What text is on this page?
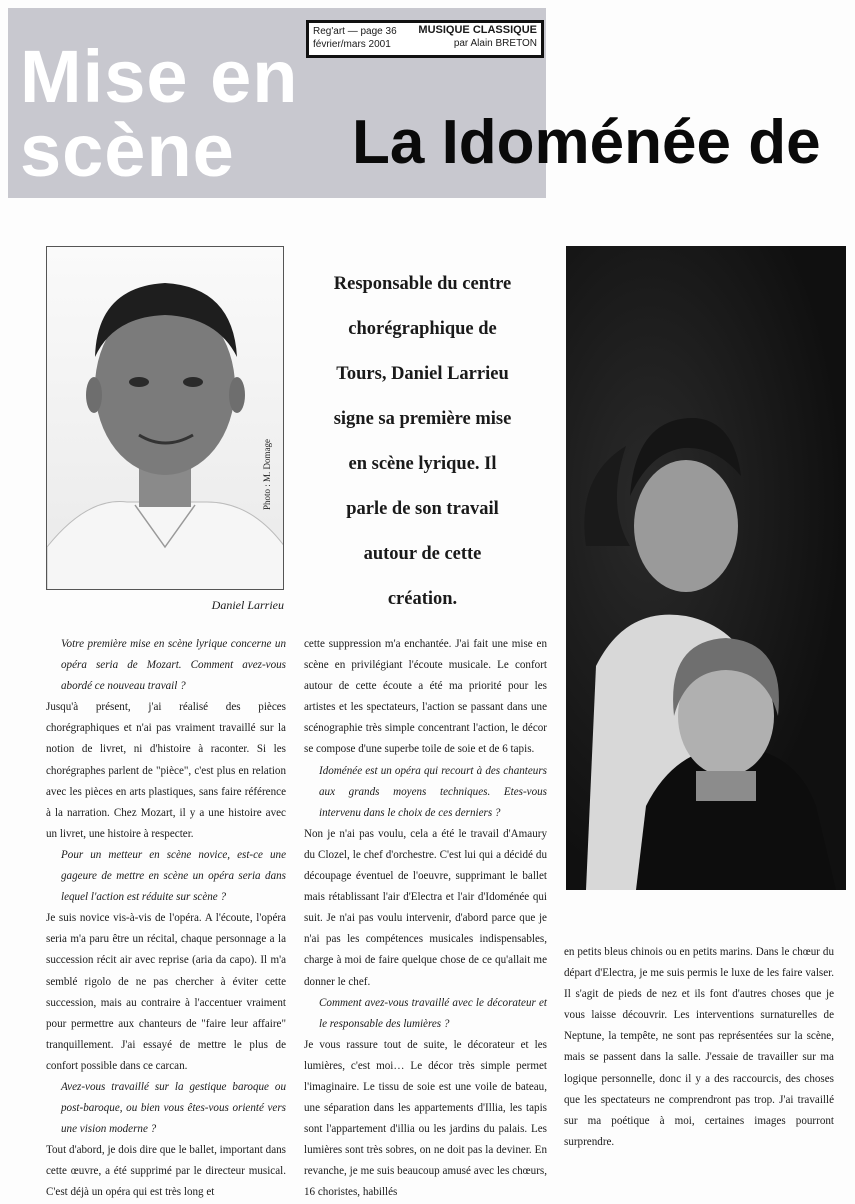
Mise en
scène
Reg'art — page 36
février/mars 2001
MUSIQUE CLASSIQUE
par Alain BRETON
La Idoménée de
Photo : M. Domage
Daniel Larrieu
Responsable du centre
chorégraphique de
Tours, Daniel Larrieu
signe sa première mise
en scène lyrique. Il
parle de son travail
autour de cette
création.

Votre première mise en scène lyrique concerne un opéra seria de Mozart. Comment avez-vous abordé ce nouveau travail ?

Jusqu'à présent, j'ai réalisé des pièces chorégraphiques et n'ai pas vraiment travaillé sur la notion de livret, ni d'histoire à raconter. Si les chorégraphes parlent de "pièce", c'est plus en relation avec les pièces en arts plastiques, sans faire référence à la narration. Chez Mozart, il y a une histoire avec un livret, une histoire à respecter.

Pour un metteur en scène novice, est-ce une gageure de mettre en scène un opéra seria dans lequel l'action est réduite sur scène ?

Je suis novice vis-à-vis de l'opéra. A l'écoute, l'opéra seria m'a paru être un récital, chaque personnage a la succession récit air avec reprise (aria da capo). Il m'a semblé rigolo de ne pas chercher à éviter cette succession, mais au contraire à l'accentuer vraiment pour permettre aux chanteurs de "faire leur affaire" tranquillement. J'ai essayé de mettre le plus de confort possible dans ce carcan.

Avez-vous travaillé sur la gestique baroque ou post-baroque, ou bien vous êtes-vous orienté vers une vision moderne ?

Tout d'abord, je dois dire que le ballet, important dans cette œuvre, a été supprimé par le directeur musical. C'est déjà un opéra qui est très long et

cette suppression m'a enchantée. J'ai fait une mise en scène en privilégiant l'écoute musicale. Le confort autour de cette écoute a été ma priorité pour les artistes et les spectateurs, l'action se passant dans une scénographie très simple concentrant l'action, le décor se compose d'une superbe toile de soie et de 6 tapis.

Idoménée est un opéra qui recourt à des chanteurs aux grands moyens techniques. Etes-vous intervenu dans le choix de ces derniers ?

Non je n'ai pas voulu, cela a été le travail d'Amaury du Clozel, le chef d'orchestre. C'est lui qui a décidé du découpage éventuel de l'oeuvre, supprimant le ballet mais rétablissant l'air d'Electra et l'air d'Idoménée qui suit. Je n'ai pas voulu intervenir, d'abord parce que je n'ai pas les compétences musicales indispensables, charge à moi de faire quelque chose de ce qu'allait me donner le chef.

Comment avez-vous travaillé avec le décorateur et le responsable des lumières ?

Je vous rassure tout de suite, le décorateur et les lumières, c'est moi… Le décor très simple permet l'imaginaire. Le tissu de soie est une voile de bateau, une séparation dans les appartements d'Illia, les tapis sont l'appartement d'illia ou les jardins du palais. Les lumières sont très sobres, on ne doit pas la deviner. En revanche, je me suis beaucoup amusé avec les chœurs, 16 choristes, habillés

en petits bleus chinois ou en petits marins. Dans le chœur du départ d'Electra, je me suis permis le luxe de les faire valser. Il s'agit de pieds de nez et ils font d'autres choses que je vous laisse découvrir. Les interventions surnaturelles de Neptune, la tempête, ne sont pas représentées sur la scène, mais se passent dans la salle. J'essaie de travailler sur ma logique personnelle, donc il y a des raccourcis, des choses que les spectateurs ne comprendront pas trop. J'ai travaillé sur ma poétique à moi, certaines images pourront surprendre.
